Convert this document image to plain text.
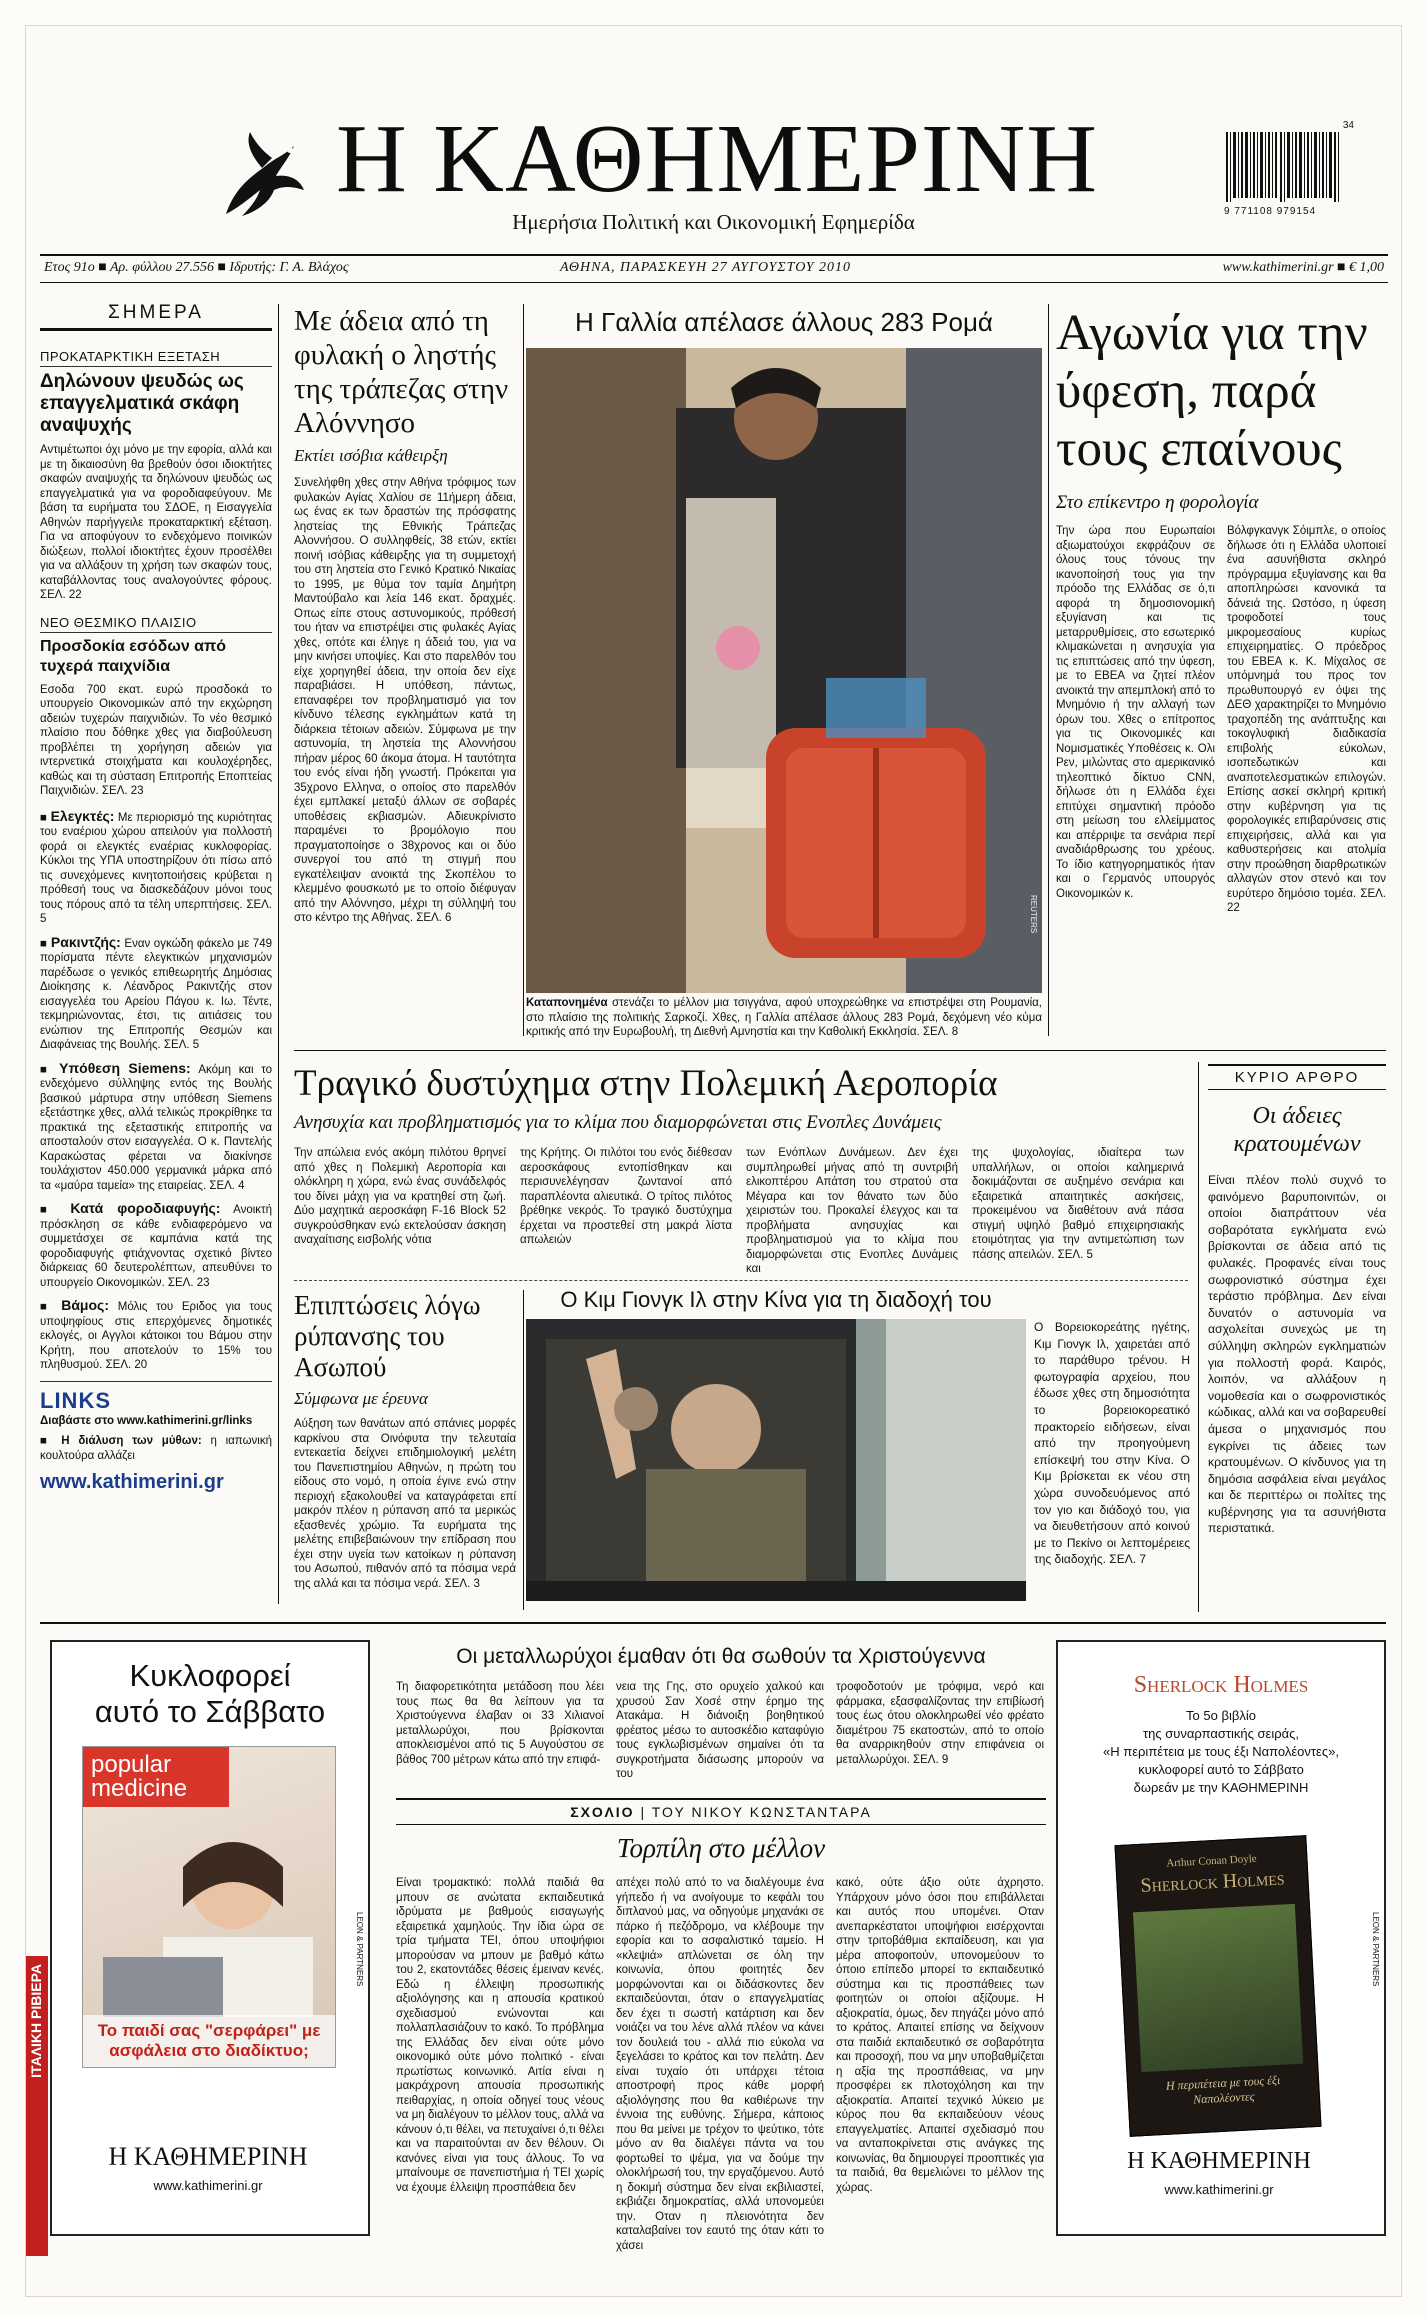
Η ΚΑΘΗΜΕΡΙΝΗ
Ημερήσια Πολιτική και Οικονομική Εφημερίδα
34
9 771108 979154
Ετος 91ο ■ Αρ. φύλλου 27.556 ■ Ιδρυτής: Γ. Α. Βλάχος	ΑΘΗΝΑ, ΠΑΡΑΣΚΕΥΗ 27 ΑΥΓΟΥΣΤΟΥ 2010	www.kathimerini.gr ■ € 1,00
ΣΗΜΕΡΑ
ΠΡΟΚΑΤΑΡΚΤΙΚΗ ΕΞΕΤΑΣΗ
Δηλώνουν ψευδώς ως επαγγελματικά σκάφη αναψυχής
Αντιμέτωποι όχι μόνο με την εφορία, αλλά και με τη δικαιοσύνη θα βρεθούν όσοι ιδιοκτήτες σκαφών αναψυχής τα δηλώνουν ψευδώς ως επαγγελματικά για να φοροδιαφεύγουν. Με βάση τα ευρήματα του ΣΔΟΕ, η Εισαγγελία Αθηνών παρήγγειλε προκαταρκτική εξέταση. Για να αποφύγουν το ενδεχόμενο ποινικών διώξεων, πολλοί ιδιοκτήτες έχουν προσέλθει για να αλλάξουν τη χρήση των σκαφών τους, καταβάλλοντας τους αναλογούντες φόρους. ΣΕΛ. 22
ΝΕΟ ΘΕΣΜΙΚΟ ΠΛΑΙΣΙΟ
Προσδοκία εσόδων από τυχερά παιχνίδια
Εσοδα 700 εκατ. ευρώ προσδοκά το υπουργείο Οικονομικών από την εκχώρηση αδειών τυχερών παιχνιδιών. Το νέο θεσμικό πλαίσιο που δόθηκε χθες για διαβούλευση προβλέπει τη χορήγηση αδειών για ιντερνετικά στοιχήματα και κουλοχέρηδες, καθώς και τη σύσταση Επιτροπής Εποπτείας Παιχνιδιών. ΣΕΛ. 23
■ Ελεγκτές: Με περιορισμό της κυριότητας του εναέριου χώρου απειλούν για πολλοστή φορά οι ελεγκτές εναέριας κυκλοφορίας. Κύκλοι της ΥΠΑ υποστηρίζουν ότι πίσω από τις συνεχόμενες κινητοποιήσεις κρύβεται η πρόθεσή τους να διασκεδάζουν μόνοι τους τους πόρους από τα τέλη υπερπτήσεις. ΣΕΛ. 5
■ Ρακιντζής: Εναν ογκώδη φάκελο με 749 πορίσματα πέντε ελεγκτικών μηχανισμών παρέδωσε ο γενικός επιθεωρητής Δημόσιας Διοίκησης κ. Λέανδρος Ρακιντζής στον εισαγγελέα του Αρείου Πάγου κ. Ιω. Τέντε, τεκμηριώνοντας, έτσι, τις αιτιάσεις του ενώπιον της Επιτροπής Θεσμών και Διαφάνειας της Βουλής. ΣΕΛ. 5
■ Υπόθεση Siemens: Ακόμη και το ενδεχόμενο σύλληψης εντός της Βουλής βασικού μάρτυρα στην υπόθεση Siemens εξετάστηκε χθες, αλλά τελικώς προκρίθηκε τα πρακτικά της εξεταστικής επιτροπής να αποσταλούν στον εισαγγελέα. Ο κ. Παντελής Καρακώστας φέρεται να διακίνησε τουλάχιστον 450.000 γερμανικά μάρκα από τα «μαύρα ταμεία» της εταιρείας. ΣΕΛ. 4
■ Κατά φοροδιαφυγής: Ανοικτή πρόσκληση σε κάθε ενδιαφερόμενο να συμμετάσχει σε καμπάνια κατά της φοροδιαφυγής φτιάχνοντας σχετικό βίντεο διάρκειας 60 δευτερολέπτων, απευθύνει το υπουργείο Οικονομικών. ΣΕΛ. 23
■ Βάμος: Μόλις του Εριδος για τους υποψηφίους στις επερχόμενες δημοτικές εκλογές, οι Αγγλοι κάτοικοι του Βάμου στην Κρήτη, που αποτελούν το 15% του πληθυσμού. ΣΕΛ. 20
LINKS
Διαβάστε στο www.kathimerini.gr/links
■ Η διάλυση των μύθων: η ιαπωνική κουλτούρα αλλάζει
www.kathimerini.gr
Με άδεια από τη φυλακή ο ληστής της τράπεζας στην Αλόννησο
Εκτίει ισόβια κάθειρξη
Συνελήφθη χθες στην Αθήνα τρόφιμος των φυλακών Αγίας Χαλίου σε 11ήμερη άδεια, ως ένας εκ των δραστών της πρόσφατης ληστείας της Εθνικής Τράπεζας Αλοννήσου. Ο συλληφθείς, 38 ετών, εκτίει ποινή ισόβιας κάθειρξης για τη συμμετοχή του στη ληστεία στο Γενικό Κρατικό Νικαίας το 1995, με θύμα τον ταμία Δημήτρη Μαντούβαλο και λεία 146 εκατ. δραχμές. Οπως είπε στους αστυνομικούς, πρόθεσή του ήταν να επιστρέψει στις φυλακές Αγίας χθες, οπότε και έληγε η άδειά του, για να μην κινήσει υποψίες. Και στο παρελθόν του είχε χορηγηθεί άδεια, την οποία δεν είχε παραβιάσει. Η υπόθεση, πάντως, επαναφέρει τον προβληματισμό για τον κίνδυνο τέλεσης εγκλημάτων κατά τη διάρκεια τέτοιων αδειών. Σύμφωνα με την αστυνομία, τη ληστεία της Αλοννήσου πήραν μέρος 60 άκομα άτομα. Η ταυτότητα του ενός είναι ήδη γνωστή. Πρόκειται για 35χρονο Ελληνα, ο οποίος στο παρελθόν έχει εμπλακεί μεταξύ άλλων σε σοβαρές υποθέσεις εκβιασμών. Αδιευκρίνιστο παραμένει το βρομόλογιο που πραγματοποίησε ο 38χρονος και οι δύο συνεργοί του από τη στιγμή που εγκατέλειψαν ανοικτά της Σκοπέλου το κλεμμένο φουσκωτό με το οποίο διέφυγαν από την Αλόννησο, μέχρι τη σύλληψή του στο κέντρο της Αθήνας. ΣΕΛ. 6
Η Γαλλία απέλασε άλλους 283 Ρομά
REUTERS
Καταπονημένα στενάζει το μέλλον μια τσιγγάνα, αφού υποχρεώθηκε να επιστρέψει στη Ρουμανία, στο πλαίσιο της πολιτικής Σαρκοζί. Χθες, η Γαλλία απέλασε άλλους 283 Ρομά, δεχόμενη νέο κύμα κριτικής από την Ευρωβουλή, τη Διεθνή Αμνηστία και την Καθολική Εκκλησία. ΣΕΛ. 8
Αγωνία για την ύφεση, παρά τους επαίνους
Στο επίκεντρο η φορολογία
Την ώρα που Ευρωπαίοι αξιωματούχοι εκφράζουν σε όλους τους τόνους την ικανοποίησή τους για την πρόοδο της Ελλάδας σε ό,τι αφορά τη δημοσιονομική εξυγίανση και τις μεταρρυθμίσεις, στο εσωτερικό κλιμακώνεται η ανησυχία για τις επιπτώσεις από την ύφεση, με το ΕΒΕΑ να ζητεί πλέον ανοικτά την απεμπλοκή από το Μνημόνιο ή την αλλαγή των όρων του. Χθες ο επίτροπος για τις Οικονομικές και Νομισματικές Υποθέσεις κ. Ολι Ρεν, μιλώντας στο αμερικανικό τηλεοπτικό δίκτυο CNN, δήλωσε ότι η Ελλάδα έχει επιτύχει σημαντική πρόοδο στη μείωση του ελλείμματος και απέρριψε τα σενάρια περί αναδιάρθρωσης του χρέους. Το ίδιο κατηγορηματικός ήταν και ο Γερμανός υπουργός Οικονομικών κ.
Βόλφγκανγκ Σόιμπλε, ο οποίος δήλωσε ότι η Ελλάδα υλοποιεί ένα ασυνήθιστα σκληρό πρόγραμμα εξυγίανσης και θα αποπληρώσει κανονικά τα δάνειά της. Ωστόσο, η ύφεση τροφοδοτεί τους μικρομεσαίους κυρίως επιχειρηματίες. Ο πρόεδρος του ΕΒΕΑ κ. Κ. Μίχαλος σε υπόμνημά του προς τον πρωθυπουργό εν όψει της ΔΕΘ χαρακτηρίζει το Μνημόνιο τραχοπέδη της ανάπτυξης και τοκογλυφική διαδικασία επιβολής εύκολων, ισοπεδωτικών και αναποτελεσματικών επιλογών. Επίσης ασκεί σκληρή κριτική στην κυβέρνηση για τις φορολογικές επιβαρύνσεις στις επιχειρήσεις, αλλά και για καθυστερήσεις και ατολμία στην προώθηση διαρθρωτικών αλλαγών στον στενό και τον ευρύτερο δημόσιο τομέα. ΣΕΛ. 22
Τραγικό δυστύχημα στην Πολεμική Αεροπορία
Ανησυχία και προβληματισμός για το κλίμα που διαμορφώνεται στις Ενοπλες Δυνάμεις
Την απώλεια ενός ακόμη πιλότου θρηνεί από χθες η Πολεμική Αεροπορία και ολόκληρη η χώρα, ενώ ένας συνάδελφός του δίνει μάχη για να κρατηθεί στη ζωή. Δύο μαχητικά αεροσκάφη F-16 Block 52 συγκρούσθηκαν ενώ εκτελούσαν άσκηση αναχαίτισης εισβολής νότια
της Κρήτης. Οι πιλότοι του ενός διέθεσαν αεροσκάφους εντοπίσθηκαν και περισυνελέγησαν ζωντανοί από παραπλέοντα αλιευτικά. Ο τρίτος πιλότος βρέθηκε νεκρός. Το τραγικό δυστύχημα έρχεται να προστεθεί στη μακρά λίστα απωλειών
των Ενόπλων Δυνάμεων. Δεν έχει συμπληρωθεί μήνας από τη συντριβή ελικοπτέρου Απάτση του στρατού στα Μέγαρα και τον θάνατο των δύο χειριστών του. Προκαλεί έλεγχος και τα προβλήματα ανησυχίας και προβληματισμού για το κλίμα που διαμορφώνεται στις Ενοπλες Δυνάμεις και
της ψυχολογίας, ιδιαίτερα των υπαλλήλων, οι οποίοι καλημερινά δοκιμάζονται σε αυξημένο σενάρια και εξαιρετικά απαιτητικές ασκήσεις, προκειμένου να διαθέτουν ανά πάσα στιγμή υψηλό βαθμό επιχειρησιακής ετοιμότητας για την αντιμετώπιση των πάσης απειλών. ΣΕΛ. 5
ΚΥΡΙΟ ΑΡΘΡΟ
Οι άδειες κρατουμένων
Είναι πλέον πολύ συχνό το φαινόμενο βαρυποινιτών, οι οποίοι διαπράττουν νέα σοβαρότατα εγκλήματα ενώ βρίσκονται σε άδεια από τις φυλακές. Προφανές είναι τους σωφρονιστικό σύστημα έχει τεράστιο πρόβλημα. Δεν είναι δυνατόν ο αστυνομία να ασχολείται συνεχώς με τη σύλληψη σκληρών εγκληματιών για πολλοστή φορά. Καιρός, λοιπόν, να αλλάξουν η νομοθεσία και ο σωφρονιστικός κώδικας, αλλά και να σοβαρευθεί άμεσα ο μηχανισμός που εγκρίνει τις άδειες των κρατουμένων. Ο κίνδυνος για τη δημόσια ασφάλεια είναι μεγάλος και δε περιττέρω οι πολίτες της κυβέρνησης για τα ασυνήθιστα περιστατικά.
Επιπτώσεις λόγω ρύπανσης του Ασωπού
Σύμφωνα με έρευνα
Αύξηση των θανάτων από σπάνιες μορφές καρκίνου στα Οινόφυτα την τελευταία εντεκαετία δείχνει επιδημιολογική μελέτη του Πανεπιστημίου Αθηνών, η πρώτη του είδους στο νομό, η οποία έγινε ενώ στην περιοχή εξακολουθεί να καταγράφεται επί μακρόν πλέον η ρύπανση από τα μερικώς εξασθενές χρώμιο. Τα ευρήματα της μελέτης επιβεβαιώνουν την επίδραση που έχει στην υγεία των κατοίκων η ρύπανση του Ασωπού, πιθανόν από τα πόσιμα νερά της αλλά και τα πόσιμα νερά. ΣΕΛ. 3
Ο Κιμ Γιονγκ Ιλ στην Κίνα για τη διαδοχή του
Ο Βορειοκορεάτης ηγέτης, Κιμ Γιονγκ Ιλ, χαιρετάει από το παράθυρο τρένου. Η φωτογραφία αρχείου, που έδωσε χθες στη δημοσιότητα το βορειοκορεατικό πρακτορείο ειδήσεων, είναι από την προηγούμενη επίσκεψή του στην Κίνα. Ο Κιμ βρίσκεται εκ νέου στη χώρα συνοδευόμενος από τον γιο και διάδοχό του, για να διευθετήσουν από κοινού με το Πεκίνο οι λεπτομέρειες της διαδοχής. ΣΕΛ. 7
Κυκλοφορεί
αυτό το Σάββατο
popular medicine
Το παιδί σας "σερφάρει" με ασφάλεια στο διαδίκτυο;
LEON & PARTNERS
Η ΚΑΘΗΜΕΡΙΝΗ
www.kathimerini.gr
ΙΤΑΛΙΚΗ ΡΙΒΙΕΡΑ
Οι μεταλλωρύχοι έμαθαν ότι θα σωθούν τα Χριστούγεννα
Τη διαφορετικότητα μετάδοση που λέει τους πως θα θα λείπουν για τα Χριστούγεννα έλαβαν οι 33 Χιλιανοί μεταλλωρύχοι, που βρίσκονται αποκλεισμένοι από τις 5 Αυγούστου σε βάθος 700 μέτρων κάτω από την επιφά-
νεια της Γης, στο ορυχείο χαλκού και χρυσού Σαν Χοσέ στην έρημο της Ατακάμα. Η διάνοιξη βοηθητικού φρέατος μέσω το αυτοσκέδιο καταφύγιο τους εγκλωβισμένων σημαίνει ότι τα συγκροτήματα διάσωσης μπορούν να του
τροφοδοτούν με τρόφιμα, νερό και φάρμακα, εξασφαλίζοντας την επιβίωσή τους έως ότου ολοκληρωθεί νέο φρέατο διαμέτρου 75 εκατοστών, από το οποίο θα αναρρικηθούν στην επιφάνεια οι μεταλλωρύχοι. ΣΕΛ. 9
ΣΧΟΛΙΟ | ΤΟΥ ΝΙΚΟΥ ΚΩΝΣΤΑΝΤΑΡΑ
Τορπίλη στο μέλλον
Είναι τρομακτικό: πολλά παιδιά θα μπουν σε ανώτατα εκπαιδευτικά ιδρύματα με βαθμούς εισαγωγής εξαιρετικά χαμηλούς. Την ίδια ώρα σε τρία τμήματα ΤΕΙ, όπου υποψήφιοι μπορούσαν να μπουν με βαθμό κάτω του 2, εκατοντάδες θέσεις έμειναν κενές. Εδώ η έλλειψη προσωπικής αξιολόγησης και η απουσία κρατικού σχεδιασμού ενώνονται και πολλαπλασιάζουν το κακό. Το πρόβλημα της Ελλάδας δεν είναι ούτε μόνο οικονομικό ούτε μόνο πολιτικό - είναι πρωτίστως κοινωνικό. Αιτία είναι η μακράχρονη απουσία προσωπικής πειθαρχίας, η οποία οδηγεί τους νέους να μη διαλέγουν το μέλλον τους, αλλά να κάνουν ό,τι θέλει, να πετυχαίνει ό,τι θέλει και να παραιτούνται αν δεν θέλουν. Οι κανόνες είναι για τους άλλους. Το να μπαίνουμε σε πανεπιστήμια ή ΤΕΙ χωρίς να έχουμε έλλειψη προσπάθεια δεν
απέχει πολύ από το να διαλέγουμε ένα γήπεδο ή να ανοίγουμε το κεφάλι του διπλανού μας, να οδηγούμε μηχανάκι σε πάρκο ή πεζόδρομο, να κλέβουμε την εφορία και το ασφαλιστικό ταμείο. Η «κλεψιά» απλώνεται σε όλη την κοινωνία, όπου φοιτητές δεν μορφώνονται και οι διδάσκοντες δεν εκπαιδεύονται, όταν ο επαγγελματίας δεν έχει τι σωστή κατάρτιση και δεν νοιάζει να του λένε αλλά πλέον να κάνει τον δουλειά του - αλλά πιο εύκολα να ξεγελάσει το κράτος και τον πελάτη. Δεν είναι τυχαίο ότι υπάρχει τέτοια αποστροφή προς κάθε μορφή αξιολόγησης που θα καθιέρωνε την έννοια της ευθύνης. Σήμερα, κάποιος που θα μείνει με τρέχον το ψεύτικο, τότε μόνο αν θα διαλέγει πάντα να του φορτωθεί το ψέμα, για να δούμε την ολοκλήρωσή του, την εργαζόμενου. Αυτό η δοκιμή σύστημα δεν είναι εκβιλιαστεί, εκβιάζει δημοκρατίας, αλλά υπονομεύει την. Οταν η πλειονότητα δεν καταλαβαίνει τον εαυτό της όταν κάτι το χάσει
κακό, ούτε άξιο ούτε άχρηστο. Υπάρχουν μόνο όσοι που επιβάλλεται και αυτός που υπομένει. Οταν ανεπαρκέστατοι υποψήφιοι εισέρχονται στην τριτοβάθμια εκπαίδευση, και για μέρα αποφοιτούν, υπονομεύουν το όποιο επίπεδο μπορεί το εκπαιδευτικό σύστημα και τις προσπάθειες των φοιτητών οι οποίοι αξίζουμε. Η αξιοκρατία, όμως, δεν πηγάζει μόνο από το κράτος. Απαιτεί επίσης να δείχνουν στα παιδιά εκπαιδευτικό σε σοβαρότητα και προσοχή, που να μην υποβαθμίζεται η αξία της προσπάθειας, να μην προσφέρει εκ πλοτοχόληση και την αξιοκρατία. Απαιτεί τεχνικό λύκειο με κύρος που θα εκπαιδεύουν νέους επαγγελματίες. Απαιτεί σχεδιασμό που να ανταποκρίνεται στις ανάγκες της κοινωνίας, θα δημιουργεί προοπτικές για τα παιδιά, θα θεμελιώνει το μέλλον της χώρας.
Sherlock Holmes
Το 5ο βιβλίο
της συναρπαστικής σειράς,
«Η περιπέτεια με τους έξι Ναπολέοντες»,
κυκλοφορεί αυτό το Σάββατο
δωρεάν με την ΚΑΘΗΜΕΡΙΝΗ
Arthur Conan Doyle
Sherlock Holmes
Η περιπέτεια με τους έξι Ναπολέοντες
LEON & PARTNERS
Η ΚΑΘΗΜΕΡΙΝΗ
www.kathimerini.gr
